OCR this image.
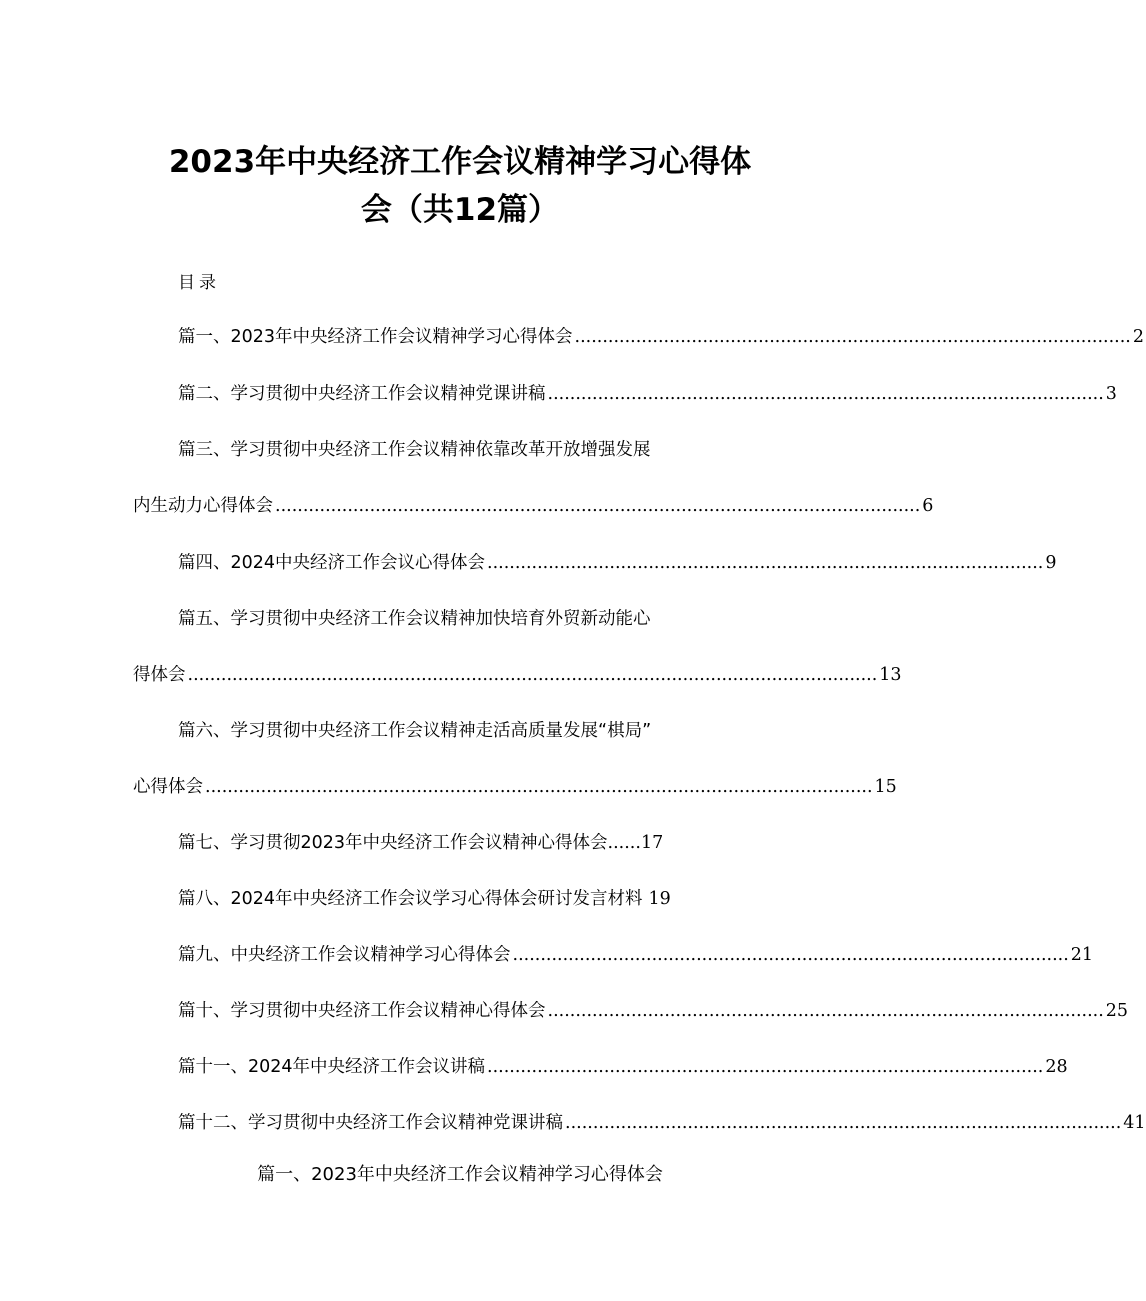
2023年中央经济工作会议精神学习心得体
会（共12篇）
目录
篇一、2023年中央经济工作会议精神学习心得体会 .................................................................................................... 2
篇二、学习贯彻中央经济工作会议精神党课讲稿 .................................................................................................... 3
篇三、学习贯彻中央经济工作会议精神依靠改革开放增强发展
内生动力心得体会 .................................................................................................................... 6
篇四、2024中央经济工作会议心得体会 .................................................................................................... 9
篇五、学习贯彻中央经济工作会议精神加快培育外贸新动能心
得体会 ............................................................................................................................ 13
篇六、学习贯彻中央经济工作会议精神走活高质量发展“棋局”
心得体会 ........................................................................................................................ 15
篇七、学习贯彻2023年中央经济工作会议精神心得体会 ...... 17
篇八、2024年中央经济工作会议学习心得体会研讨发言材料 19
篇九、中央经济工作会议精神学习心得体会 .................................................................................................... 21
篇十、学习贯彻中央经济工作会议精神心得体会 .................................................................................................... 25
篇十一、2024年中央经济工作会议讲稿 .................................................................................................... 28
篇十二、学习贯彻中央经济工作会议精神党课讲稿 .................................................................................................... 41
篇一、2023年中央经济工作会议精神学习心得体会
